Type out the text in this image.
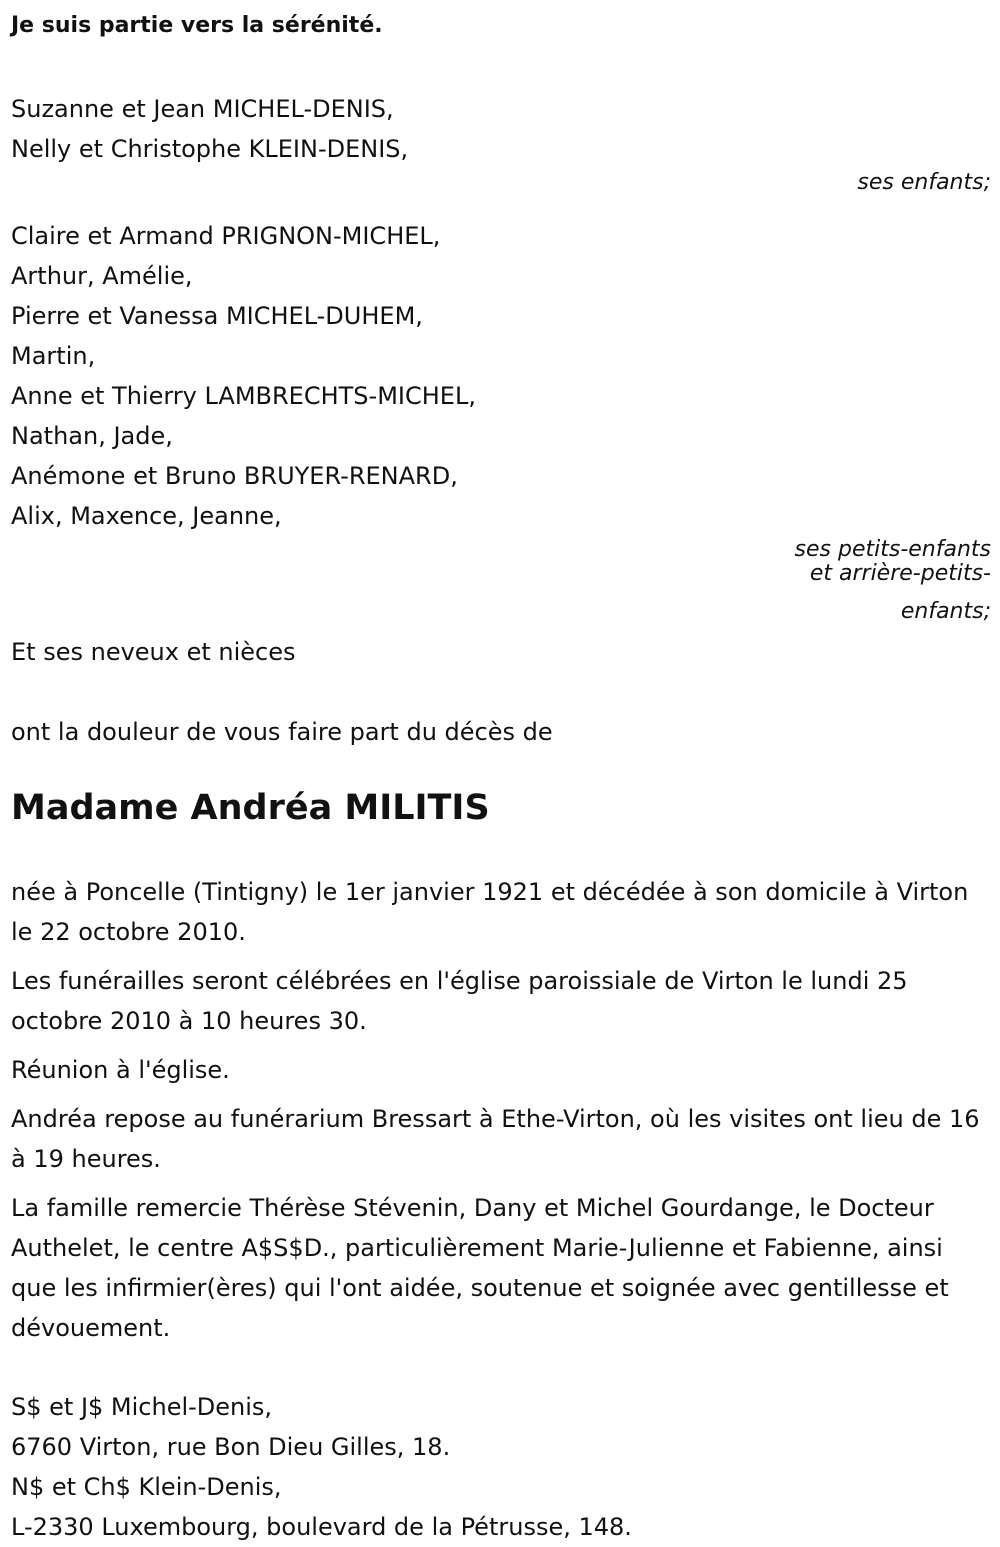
Je suis partie vers la sérénité.
Suzanne et Jean MICHEL-DENIS,
Nelly et Christophe KLEIN-DENIS,
ses enfants;
Claire et Armand PRIGNON-MICHEL,
Arthur, Amélie,
Pierre et Vanessa MICHEL-DUHEM,
Martin,
Anne et Thierry LAMBRECHTS-MICHEL,
Nathan, Jade,
Anémone et Bruno BRUYER-RENARD,
Alix, Maxence, Jeanne,
ses petits-enfants
et arrière-petits-
enfants;
Et ses neveux et nièces
ont la douleur de vous faire part du décès de
Madame Andréa MILITIS
née à Poncelle (Tintigny) le 1er janvier 1921 et décédée à son domicile à Virton le 22 octobre 2010.
Les funérailles seront célébrées en l'église paroissiale de Virton le lundi 25 octobre 2010 à 10 heures 30.
Réunion à l'église.
Andréa repose au funérarium Bressart à Ethe-Virton, où les visites ont lieu de 16 à 19 heures.
La famille remercie Thérèse Stévenin, Dany et Michel Gourdange, le Docteur Authelet, le centre A$S$D., particulièrement Marie-Julienne et Fabienne, ainsi que les infirmier(ères) qui l'ont aidée, soutenue et soignée avec gentillesse et dévouement.
S$ et J$ Michel-Denis,
6760 Virton, rue Bon Dieu Gilles, 18.
N$ et Ch$ Klein-Denis,
L-2330 Luxembourg, boulevard de la Pétrusse, 148.
